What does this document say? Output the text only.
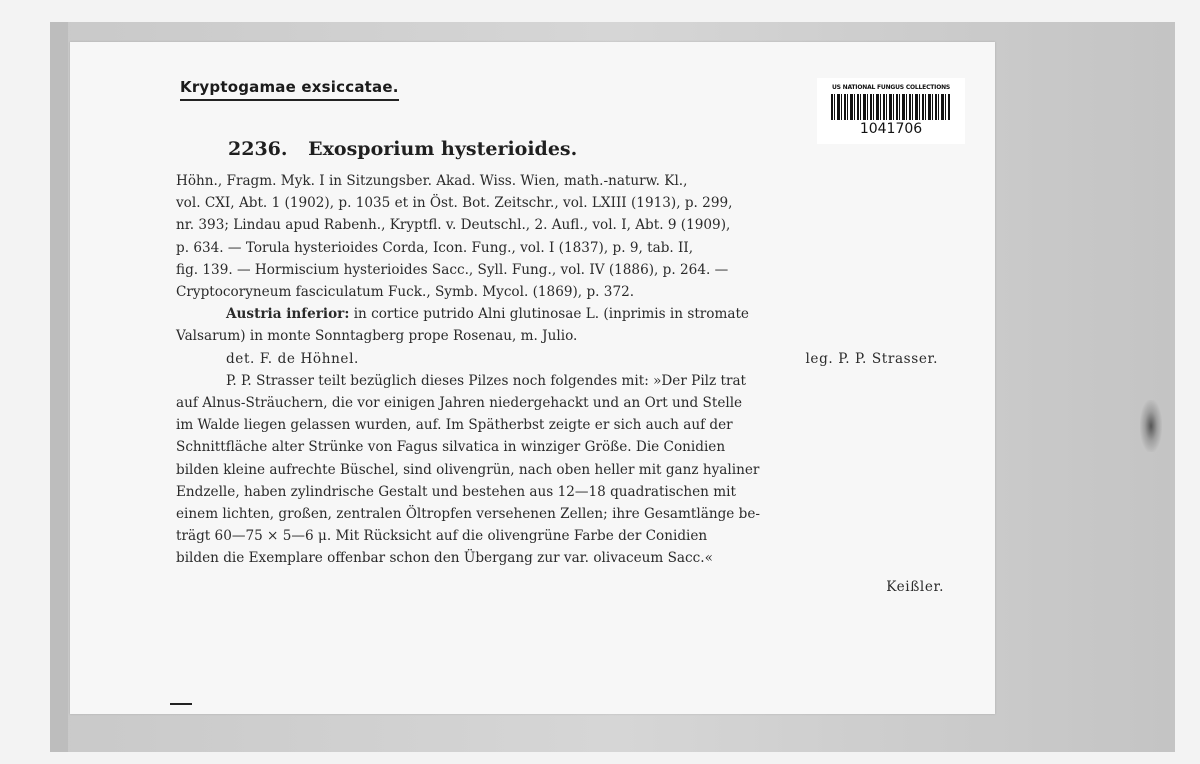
Kryptogamae exsiccatae.	US NATIONAL FUNGUS COLLECTIONS
1041706
2236. Exosporium hysterioides.

Höhn., Fragm. Myk. I in Sitzungsber. Akad. Wiss. Wien, math.-naturw. Kl.,

vol. CXI, Abt. 1 (1902), p. 1035 et in Öst. Bot. Zeitschr., vol. LXIII (1913), p. 299,

nr. 393; Lindau apud Rabenh., Kryptfl. v. Deutschl., 2. Aufl., vol. I, Abt. 9 (1909),

p. 634. — Torula hysterioides Corda, Icon. Fung., vol. I (1837), p. 9, tab. II,

fig. 139. — Hormiscium hysterioides Sacc., Syll. Fung., vol. IV (1886), p. 264. —

Cryptocoryneum fasciculatum Fuck., Symb. Mycol. (1869), p. 372.

Austria inferior: in cortice putrido Alni glutinosae L. (inprimis in stromate

Valsarum) in monte Sonntagberg prope Rosenau, m. Julio.

det. F. de Höhnel.	leg. P. P. Strasser.

P. P. Strasser teilt bezüglich dieses Pilzes noch folgendes mit: »Der Pilz trat

auf Alnus-Sträuchern, die vor einigen Jahren niedergehackt und an Ort und Stelle

im Walde liegen gelassen wurden, auf. Im Spätherbst zeigte er sich auch auf der

Schnittfläche alter Strünke von Fagus silvatica in winziger Größe. Die Conidien

bilden kleine aufrechte Büschel, sind olivengrün, nach oben heller mit ganz hyaliner

Endzelle, haben zylindrische Gestalt und bestehen aus 12—18 quadratischen mit

einem lichten, großen, zentralen Öltropfen versehenen Zellen; ihre Gesamtlänge be-

trägt 60—75 × 5—6 μ. Mit Rücksicht auf die olivengrüne Farbe der Conidien

bilden die Exemplare offenbar schon den Übergang zur var. olivaceum Sacc.«

Keißler.
